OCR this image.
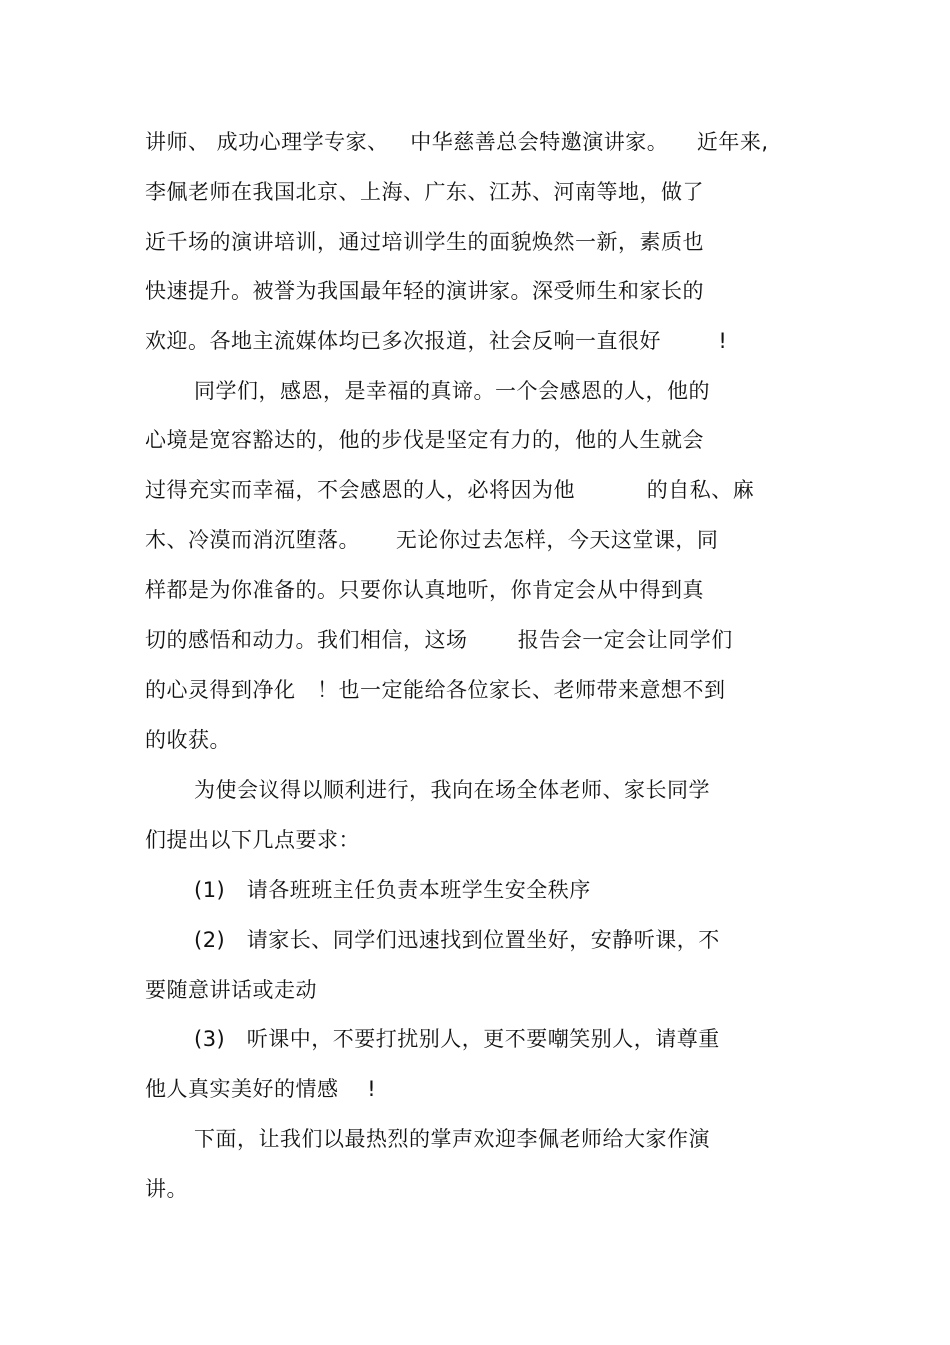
讲师、 成功心理学专家、   中华慈善总会特邀演讲家。    近年来,
李佩老师在我国北京、上海、广东、江苏、河南等地，做了
近千场的演讲培训，通过培训学生的面貌焕然一新，素质也
快速提升。被誉为我国最年轻的演讲家。深受师生和家长的
欢迎。各地主流媒体均已多次报道，社会反响一直很好        !
同学们，感恩，是幸福的真谛。一个会感恩的人，他的
心境是宽容豁达的，他的步伐是坚定有力的，他的人生就会
过得充实而幸福，不会感恩的人，必将因为他          的自私、麻
木、冷漠而消沉堕落。     无论你过去怎样，今天这堂课，同
样都是为你准备的。只要你认真地听，你肯定会从中得到真
切的感悟和动力。我们相信，这场       报告会一定会让同学们
的心灵得到净化   ！也一定能给各位家长、老师带来意想不到
的收获。
为使会议得以顺利进行，我向在场全体老师、家长同学
们提出以下几点要求：
(1)   请各班班主任负责本班学生安全秩序
(2)   请家长、同学们迅速找到位置坐好，安静听课，不
要随意讲话或走动
(3)   听课中，不要打扰别人，更不要嘲笑别人，请尊重
他人真实美好的情感    !
下面，让我们以最热烈的掌声欢迎李佩老师给大家作演
讲。
